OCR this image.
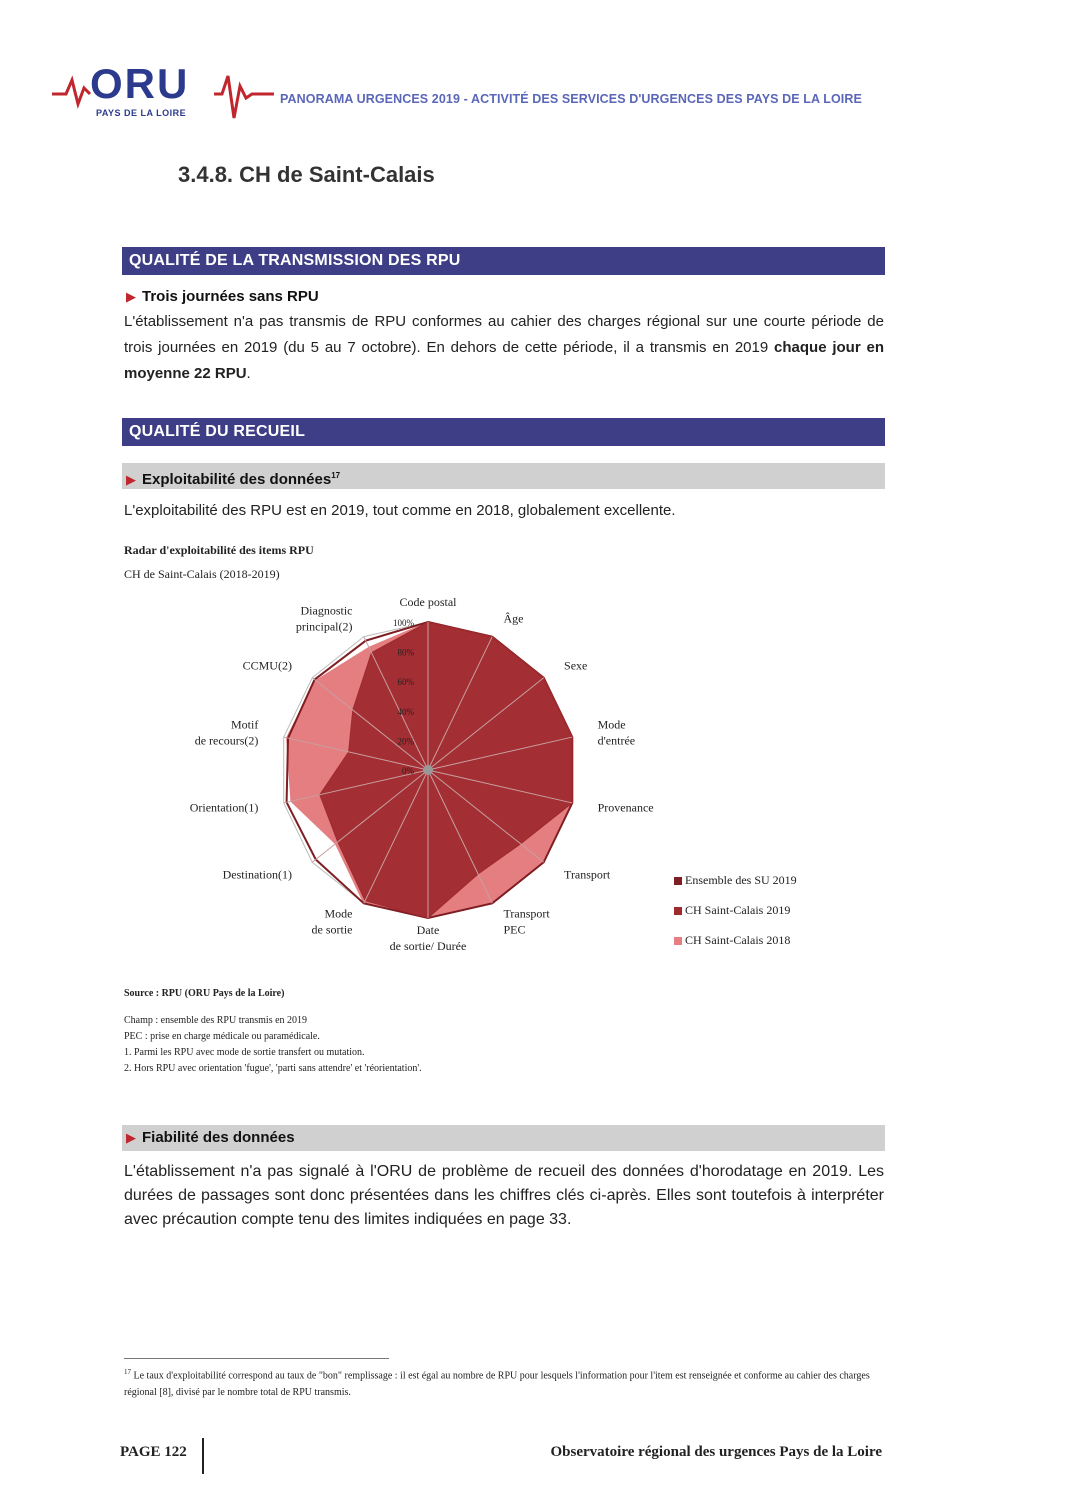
ORU
PAYS DE LA LOIRE
PANORAMA URGENCES 2019 - ACTIVITÉ DES SERVICES D'URGENCES DES PAYS DE LA LOIRE
3.4.8. CH de Saint-Calais
QUALITÉ DE LA TRANSMISSION DES RPU
▶ Trois journées sans RPU
L'établissement n'a pas transmis de RPU conformes au cahier des charges régional sur une courte période de trois journées en 2019 (du 5 au 7 octobre). En dehors de cette période, il a transmis en 2019 chaque jour en moyenne 22 RPU.
QUALITÉ DU RECUEIL
▶ Exploitabilité des données$^{17}$
L'exploitabilité des RPU est en 2019, tout comme en 2018, globalement excellente.
Radar d'exploitabilité des items RPU
CH de Saint-Calais (2018-2019)
0%
20%
40%
60%
80%
100%
Code postal
Âge
Sexe
Mode d'entrée
Provenance
Transport
Transport PEC
Date de sortie/ Durée
Mode de sortie
Destination(1)
Orientation(1)
Motif de recours(2)
CCMU(2)
Diagnostic principal(2)
Ensemble des SU 2019
CH Saint-Calais 2019
CH Saint-Calais 2018
Source : RPU (ORU Pays de la Loire)
Champ : ensemble des RPU transmis en 2019
PEC : prise en charge médicale ou paramédicale.
1. Parmi les RPU avec mode de sortie transfert ou mutation.
2. Hors RPU avec orientation 'fugue', 'parti sans attendre' et 'réorientation'.
▶ Fiabilité des données
L'établissement n'a pas signalé à l'ORU de problème de recueil des données d'horodatage en 2019. Les durées de passages sont donc présentées dans les chiffres clés ci-après. Elles sont toutefois à interpréter avec précaution compte tenu des limites indiquées en page 33.
$^{17}$ Le taux d'exploitabilité correspond au taux de "bon" remplissage : il est égal au nombre de RPU pour lesquels l'information pour l'item est renseignée et conforme au cahier des charges régional [8], divisé par le nombre total de RPU transmis.
PAGE 122	Observatoire régional des urgences Pays de la Loire
